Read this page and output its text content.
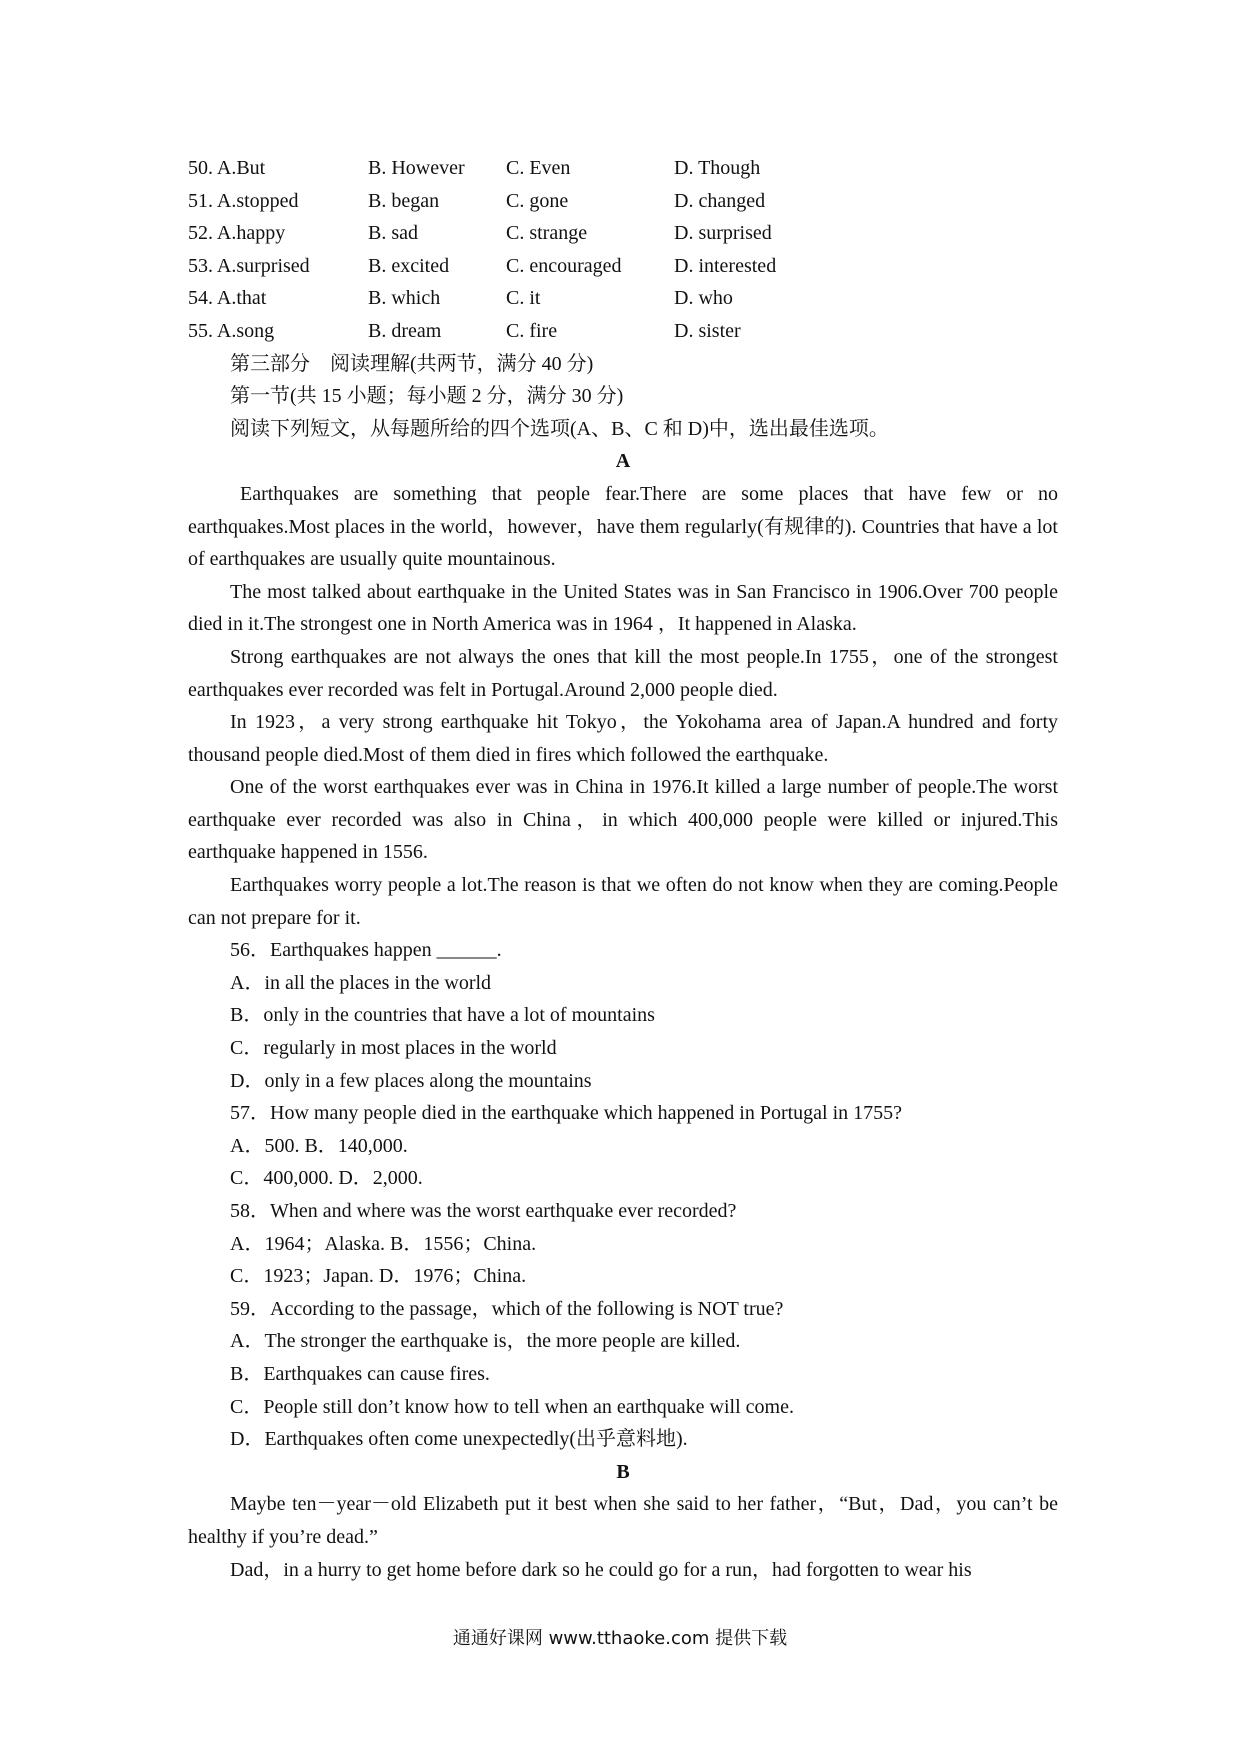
50. A.But	B. However	C. Even	D. Though
51. A.stopped	B. began	C. gone	D. changed
52. A.happy	B. sad	C. strange	D. surprised
53. A.surprised	B. excited	C. encouraged	D. interested
54. A.that	B. which	C. it	D. who
55. A.song	B. dream	C. fire	D. sister
第三部分　阅读理解(共两节，满分 40 分)
第一节(共 15 小题；每小题 2 分，满分 30 分)
阅读下列短文，从每题所给的四个选项(A、B、C 和 D)中，选出最佳选项。
A

Earthquakes are something that people fear.There are some places that have few or no earthquakes.Most places in the world，however，have them regularly(有规律的). Countries that have a lot of earthquakes are usually quite mountainous.

The most talked about earthquake in the United States was in San Francisco in 1906.Over 700 people died in it.The strongest one in North America was in 1964 ，It happened in Alaska.

Strong earthquakes are not always the ones that kill the most people.In 1755，one of the strongest earthquakes ever recorded was felt in Portugal.Around 2,000 people died.

In 1923，a very strong earthquake hit Tokyo，the Yokohama area of Japan.A hundred and forty thousand people died.Most of them died in fires which followed the earthquake.

One of the worst earthquakes ever was in China in 1976.It killed a large number of people.The worst earthquake ever recorded was also in China，in which 400,000 people were killed or injured.This earthquake happened in 1556.

Earthquakes worry people a lot.The reason is that we often do not know when they are coming.People can not prepare for it.

56．Earthquakes happen ______.
A．in all the places in the world
B．only in the countries that have a lot of mountains
C．regularly in most places in the world
D．only in a few places along the mountains
57．How many people died in the earthquake which happened in Portugal in 1755?
A．500. B．140,000.
C．400,000. D．2,000.
58．When and where was the worst earthquake ever recorded?
A．1964；Alaska. B．1556；China.
C．1923；Japan. D．1976；China.
59．According to the passage，which of the following is NOT true?
A．The stronger the earthquake is，the more people are killed.
B．Earthquakes can cause fires.
C．People still don’t know how to tell when an earthquake will come.
D．Earthquakes often come unexpectedly(出乎意料地).
B

Maybe ten－year－old Elizabeth put it best when she said to her father，“But，Dad，you can’t be healthy if you’re dead.”

Dad，in a hurry to get home before dark so he could go for a run，had forgotten to wear his

通通好课网 www.tthaoke.com 提供下载
